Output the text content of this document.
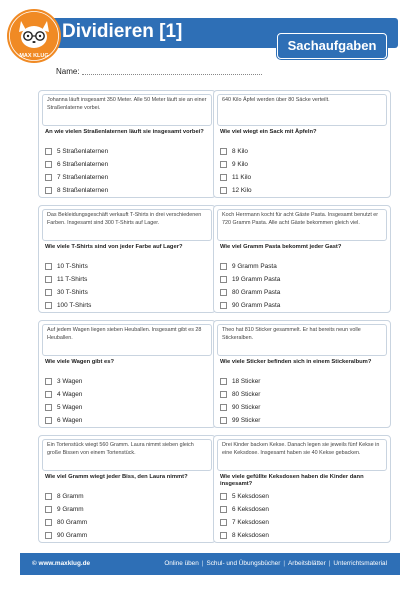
Dividieren [1]
MAX KLUG
Sachaufgaben
Name:
Johanna läuft insgesamt 350 Meter. Alle 50 Meter läuft sie an einer Straßenlaterne vorbei.
An wie vielen Straßenlaternen läuft sie insgesamt vorbei?
5 Straßenlaternen
6 Straßenlaternen
7 Straßenlaternen
8 Straßenlaternen
640 Kilo Äpfel werden über 80 Säcke verteilt.
Wie viel wiegt ein Sack mit Äpfeln?
8 Kilo
9 Kilo
11 Kilo
12 Kilo
Das Bekleidungsgeschäft verkauft T-Shirts in drei verschiedenen Farben. Insgesamt sind 300 T-Shirts auf Lager.
Wie viele T-Shirts sind von jeder Farbe auf Lager?
10 T-Shirts
11 T-Shirts
30 T-Shirts
100 T-Shirts
Koch Herrmann kocht für acht Gäste Pasta. Insgesamt benutzt er 720 Gramm Pasta. Alle acht Gäste bekommen gleich viel.
Wie viel Gramm Pasta bekommt jeder Gast?
9 Gramm Pasta
19 Gramm Pasta
80 Gramm Pasta
90 Gramm Pasta
Auf jedem Wagen liegen sieben Heuballen. Insgesamt gibt es 28 Heuballen.
Wie viele Wagen gibt es?
3 Wagen
4 Wagen
5 Wagen
6 Wagen
Theo hat 810 Sticker gesammelt. Er hat bereits neun volle Stickeralben.
Wie viele Sticker befinden sich in einem Stickeralbum?
18 Sticker
80 Sticker
90 Sticker
99 Sticker
Ein Tortenstück wiegt 560 Gramm. Laura nimmt sieben gleich große Bissen von einem Tortenstück.
Wie viel Gramm wiegt jeder Biss, den Laura nimmt?
8 Gramm
9 Gramm
80 Gramm
90 Gramm
Drei Kinder backen Kekse. Danach legen sie jeweils fünf Kekse in eine Keksdose. Insgesamt haben sie 40 Kekse gebacken.
Wie viele gefüllte Keksdosen haben die Kinder dann insgesamt?
5 Keksdosen
6 Keksdosen
7 Keksdosen
8 Keksdosen
© www.maxklug.de	Online üben | Schul- und Übungsbücher | Arbeitsblätter | Unterrichtsmaterial
